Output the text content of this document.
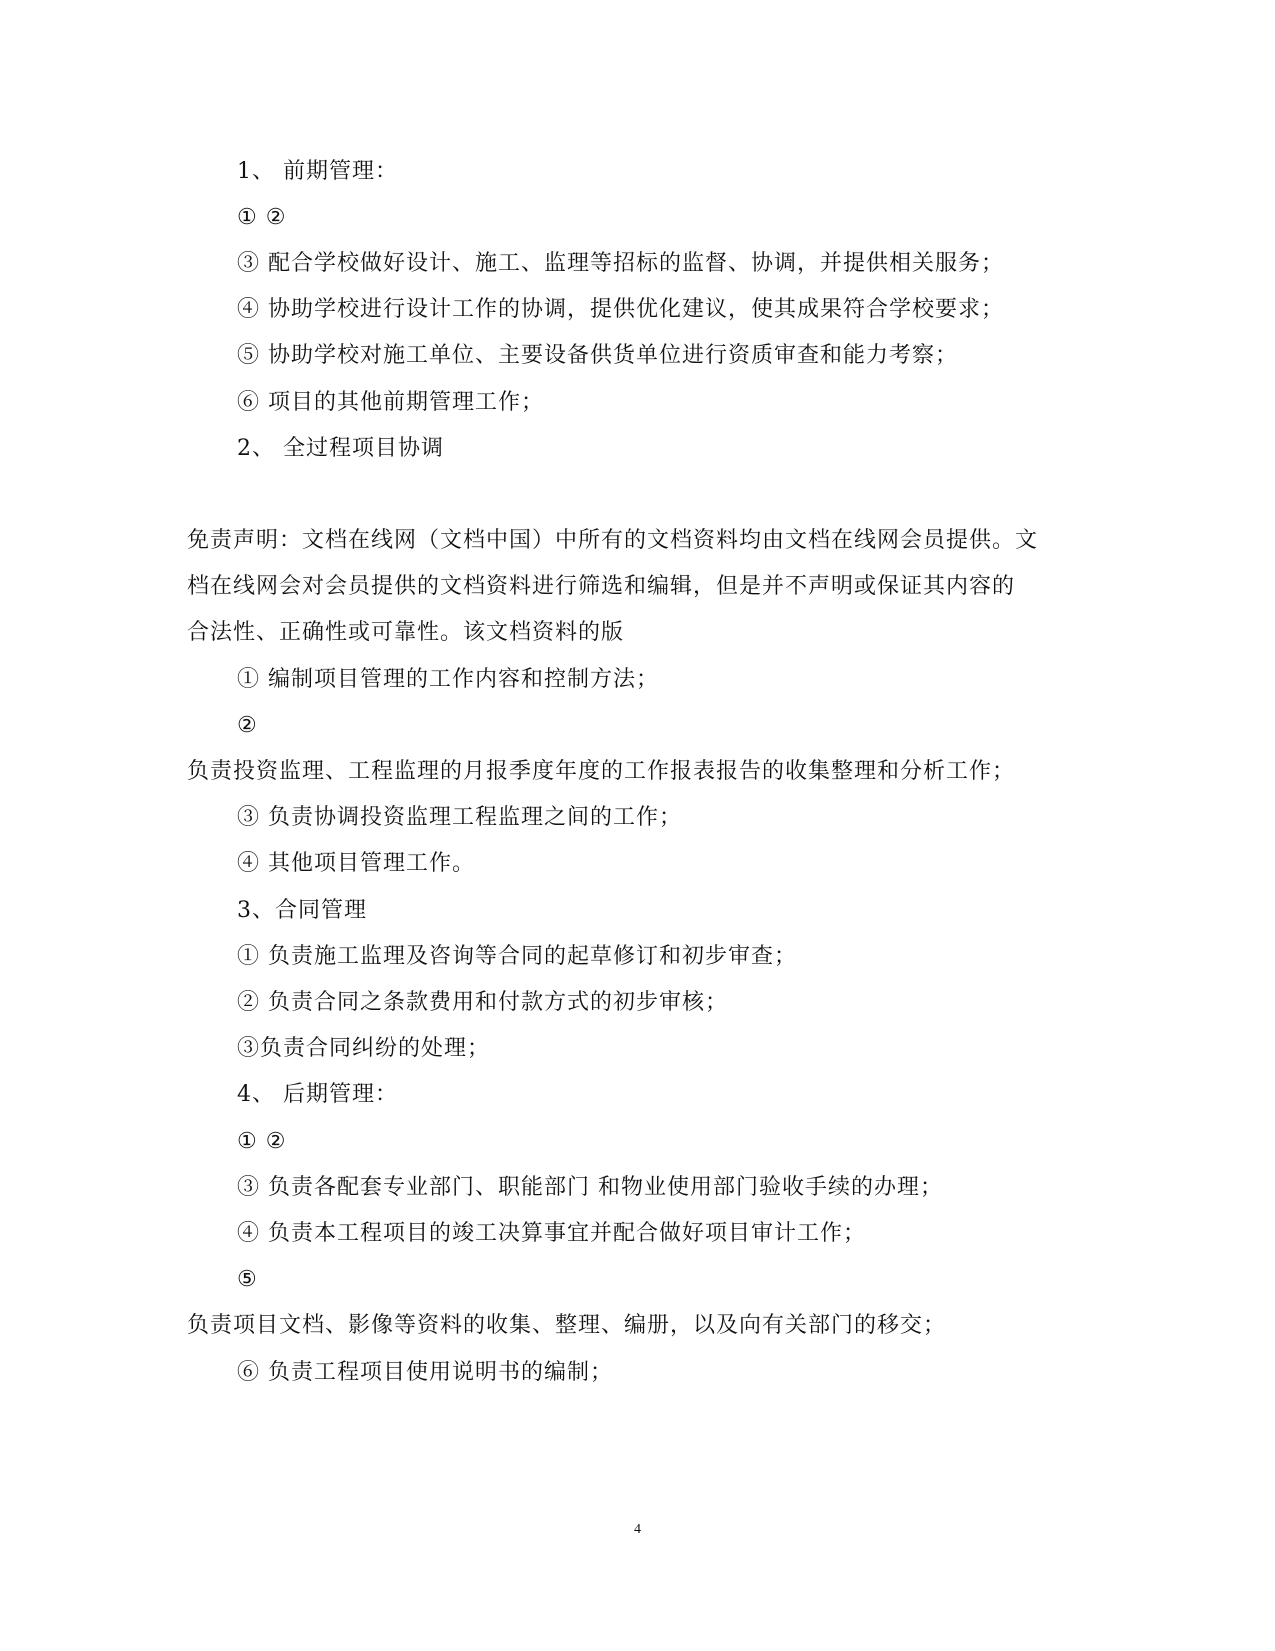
1、 前期管理：
① ②
③ 配合学校做好设计、施工、监理等招标的监督、协调，并提供相关服务；
④ 协助学校进行设计工作的协调，提供优化建议，使其成果符合学校要求；
⑤ 协助学校对施工单位、主要设备供货单位进行资质审查和能力考察；
⑥ 项目的其他前期管理工作；
2、 全过程项目协调
免责声明：文档在线网（文档中国）中所有的文档资料均由文档在线网会员提供。文
档在线网会对会员提供的文档资料进行筛选和编辑，但是并不声明或保证其内容的
合法性、正确性或可靠性。该文档资料的版
① 编制项目管理的工作内容和控制方法；
②
负责投资监理、工程监理的月报季度年度的工作报表报告的收集整理和分析工作；
③ 负责协调投资监理工程监理之间的工作；
④ 其他项目管理工作。
3、合同管理
① 负责施工监理及咨询等合同的起草修订和初步审查；
② 负责合同之条款费用和付款方式的初步审核；
③负责合同纠纷的处理；
4、 后期管理：
① ②
③ 负责各配套专业部门、职能部门 和物业使用部门验收手续的办理；
④ 负责本工程项目的竣工决算事宜并配合做好项目审计工作；
⑤
负责项目文档、影像等资料的收集、整理、编册，以及向有关部门的移交；
⑥ 负责工程项目使用说明书的编制；
4
